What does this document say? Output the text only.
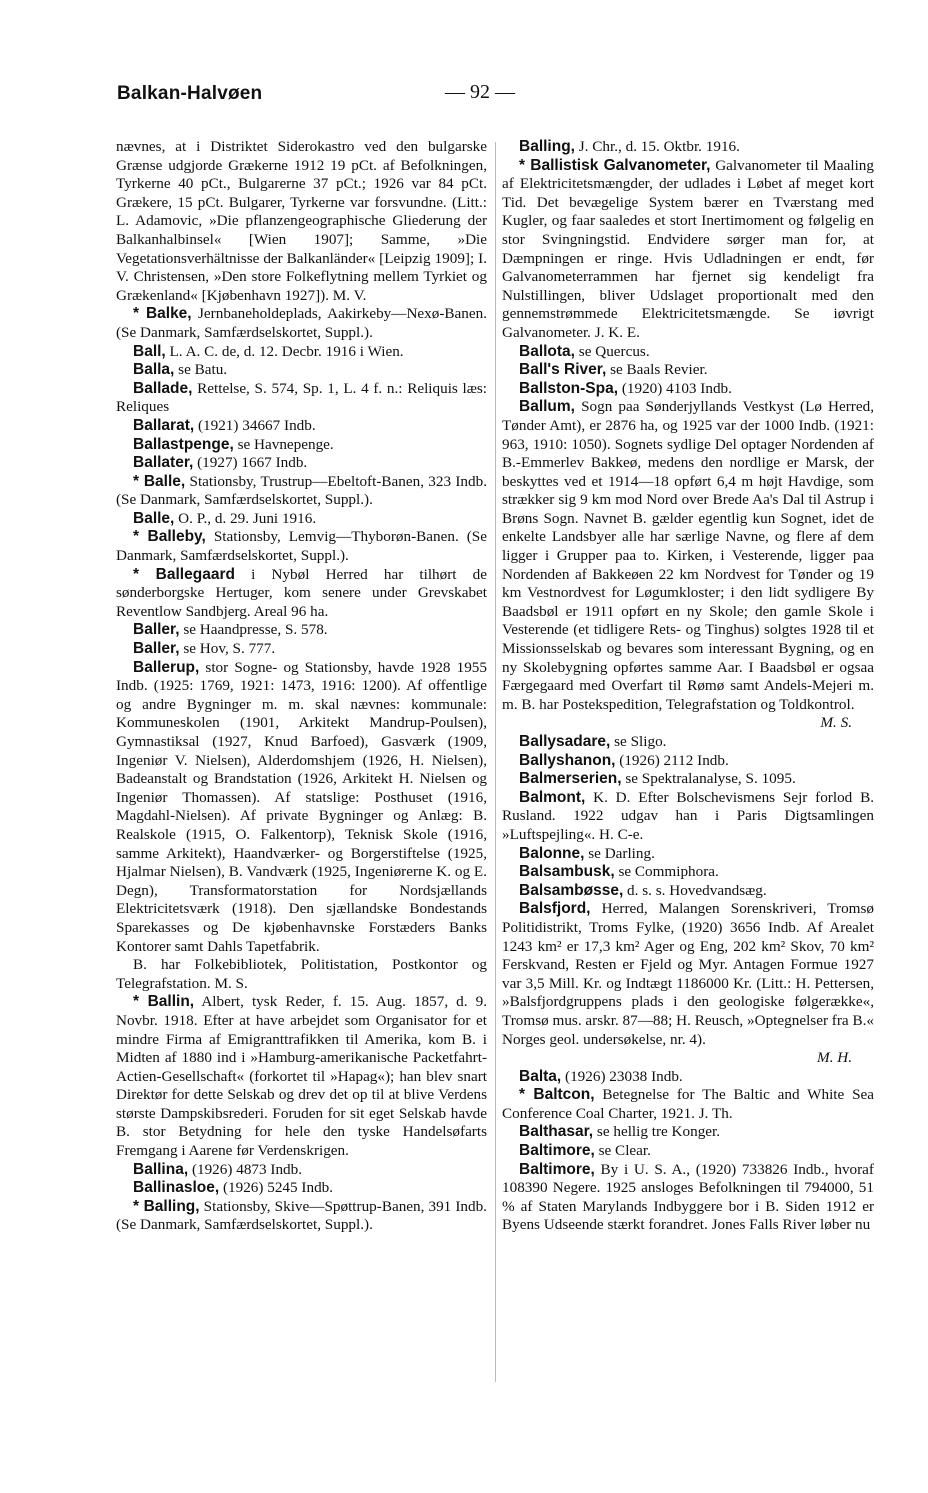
Balkan-Halvøen	— 92 —

nævnes, at i Distriktet Siderokastro ved den bulgarske Grænse udgjorde Grækerne 1912 19 pCt. af Befolkningen, Tyrkerne 40 pCt., Bulgarerne 37 pCt.; 1926 var 84 pCt. Grækere, 15 pCt. Bulgarer, Tyrkerne var forsvundne. (Litt.: L. Adamovic, »Die pflanzengeographische Gliederung der Balkanhalbinsel« [Wien 1907]; Samme, »Die Vegetationsverhältnisse der Balkanländer« [Leipzig 1909]; I. V. Christensen, »Den store Folkeflytning mellem Tyrkiet og Grækenland« [Kjøbenhavn 1927]). M. V.

* Balke, Jernbaneholdeplads, Aakirkeby—Nexø-Banen. (Se Danmark, Samfærdselskortet, Suppl.).

Ball, L. A. C. de, d. 12. Decbr. 1916 i Wien.

Balla, se Batu.

Ballade, Rettelse, S. 574, Sp. 1, L. 4 f. n.: Reliquis læs: Reliques

Ballarat, (1921) 34667 Indb.

Ballastpenge, se Havnepenge.

Ballater, (1927) 1667 Indb.

* Balle, Stationsby, Trustrup—Ebeltoft-Banen, 323 Indb. (Se Danmark, Samfærdselskortet, Suppl.).

Balle, O. P., d. 29. Juni 1916.

* Balleby, Stationsby, Lemvig—Thyborøn-Banen. (Se Danmark, Samfærdselskortet, Suppl.).

* Ballegaard i Nybøl Herred har tilhørt de sønderborgske Hertuger, kom senere under Grevskabet Reventlow Sandbjerg. Areal 96 ha.

Baller, se Haandpresse, S. 578.

Baller, se Hov, S. 777.

Ballerup, stor Sogne- og Stationsby, havde 1928 1955 Indb. (1925: 1769, 1921: 1473, 1916: 1200). Af offentlige og andre Bygninger m. m. skal nævnes: kommunale: Kommuneskolen (1901, Arkitekt Mandrup-Poulsen), Gymnastiksal (1927, Knud Barfoed), Gasværk (1909, Ingeniør V. Nielsen), Alderdomshjem (1926, H. Nielsen), Badeanstalt og Brandstation (1926, Arkitekt H. Nielsen og Ingeniør Thomassen). Af statslige: Posthuset (1916, Magdahl-Nielsen). Af private Bygninger og Anlæg: B. Realskole (1915, O. Falkentorp), Teknisk Skole (1916, samme Arkitekt), Haandværker- og Borgerstiftelse (1925, Hjalmar Nielsen), B. Vandværk (1925, Ingeniørerne K. og E. Degn), Transformatorstation for Nordsjællands Elektricitetsværk (1918). Den sjællandske Bondestands Sparekasses og De kjøbenhavnske Forstæders Banks Kontorer samt Dahls Tapetfabrik.

B. har Folkebibliotek, Politistation, Postkontor og Telegrafstation. M. S.

* Ballin, Albert, tysk Reder, f. 15. Aug. 1857, d. 9. Novbr. 1918. Efter at have arbejdet som Organisator for et mindre Firma af Emigranttrafikken til Amerika, kom B. i Midten af 1880 ind i »Hamburg-amerikanische Packetfahrt-Actien-Gesellschaft« (forkortet til »Hapag«); han blev snart Direktør for dette Selskab og drev det op til at blive Verdens største Dampskibsrederi. Foruden for sit eget Selskab havde B. stor Betydning for hele den tyske Handelsøfarts Fremgang i Aarene før Verdenskrigen.

Ballina, (1926) 4873 Indb.

Ballinasloe, (1926) 5245 Indb.

* Balling, Stationsby, Skive—Spøttrup-Banen, 391 Indb. (Se Danmark, Samfærdselskortet, Suppl.).

Balling, J. Chr., d. 15. Oktbr. 1916.

* Ballistisk Galvanometer, Galvanometer til Maaling af Elektricitetsmængder, der udlades i Løbet af meget kort Tid. Det bevægelige System bærer en Tværstang med Kugler, og faar saaledes et stort Inertimoment og følgelig en stor Svingningstid. Endvidere sørger man for, at Dæmpningen er ringe. Hvis Udladningen er endt, før Galvanometerrammen har fjernet sig kendeligt fra Nulstillingen, bliver Udslaget proportionalt med den gennemstrømmede Elektricitetsmængde. Se iøvrigt Galvanometer. J. K. E.

Ballota, se Quercus.

Ball's River, se Baals Revier.

Ballston-Spa, (1920) 4103 Indb.

Ballum, Sogn paa Sønderjyllands Vestkyst (Lø Herred, Tønder Amt), er 2876 ha, og 1925 var der 1000 Indb. (1921: 963, 1910: 1050). Sognets sydlige Del optager Nordenden af B.-Emmerlev Bakkeø, medens den nordlige er Marsk, der beskyttes ved et 1914—18 opført 6,4 m højt Havdige, som strækker sig 9 km mod Nord over Brede Aa's Dal til Astrup i Brøns Sogn. Navnet B. gælder egentlig kun Sognet, idet de enkelte Landsbyer alle har særlige Navne, og flere af dem ligger i Grupper paa to. Kirken, i Vesterende, ligger paa Nordenden af Bakkeøen 22 km Nordvest for Tønder og 19 km Vestnordvest for Løgumkloster; i den lidt sydligere By Baadsbøl er 1911 opført en ny Skole; den gamle Skole i Vesterende (et tidligere Rets- og Tinghus) solgtes 1928 til et Missionsselskab og bevares som interessant Bygning, og en ny Skolebygning opførtes samme Aar. I Baadsbøl er ogsaa Færgegaard med Overfart til Rømø samt Andels-Mejeri m. m. B. har Postekspedition, Telegrafstation og Toldkontrol.

M. S.

Ballysadare, se Sligo.

Ballyshanon, (1926) 2112 Indb.

Balmerserien, se Spektralanalyse, S. 1095.

Balmont, K. D. Efter Bolschevismens Sejr forlod B. Rusland. 1922 udgav han i Paris Digtsamlingen »Luftspejling«. H. C-e.

Balonne, se Darling.

Balsambusk, se Commiphora.

Balsambøsse, d. s. s. Hovedvandsæg.

Balsfjord, Herred, Malangen Sorenskriveri, Tromsø Politidistrikt, Troms Fylke, (1920) 3656 Indb. Af Arealet 1243 km² er 17,3 km² Ager og Eng, 202 km² Skov, 70 km² Ferskvand, Resten er Fjeld og Myr. Antagen Formue 1927 var 3,5 Mill. Kr. og Indtægt 1186000 Kr. (Litt.: H. Pettersen, »Balsfjordgruppens plads i den geologiske følgerække«, Tromsø mus. arskr. 87—88; H. Reusch, »Optegnelser fra B.« Norges geol. undersøkelse, nr. 4).

M. H.

Balta, (1926) 23038 Indb.

* Baltcon, Betegnelse for The Baltic and White Sea Conference Coal Charter, 1921. J. Th.

Balthasar, se hellig tre Konger.

Baltimore, se Clear.

Baltimore, By i U. S. A., (1920) 733826 Indb., hvoraf 108390 Negere. 1925 ansloges Befolkningen til 794000, 51 % af Staten Marylands Indbyggere bor i B. Siden 1912 er Byens Udseende stærkt forandret. Jones Falls River løber nu
